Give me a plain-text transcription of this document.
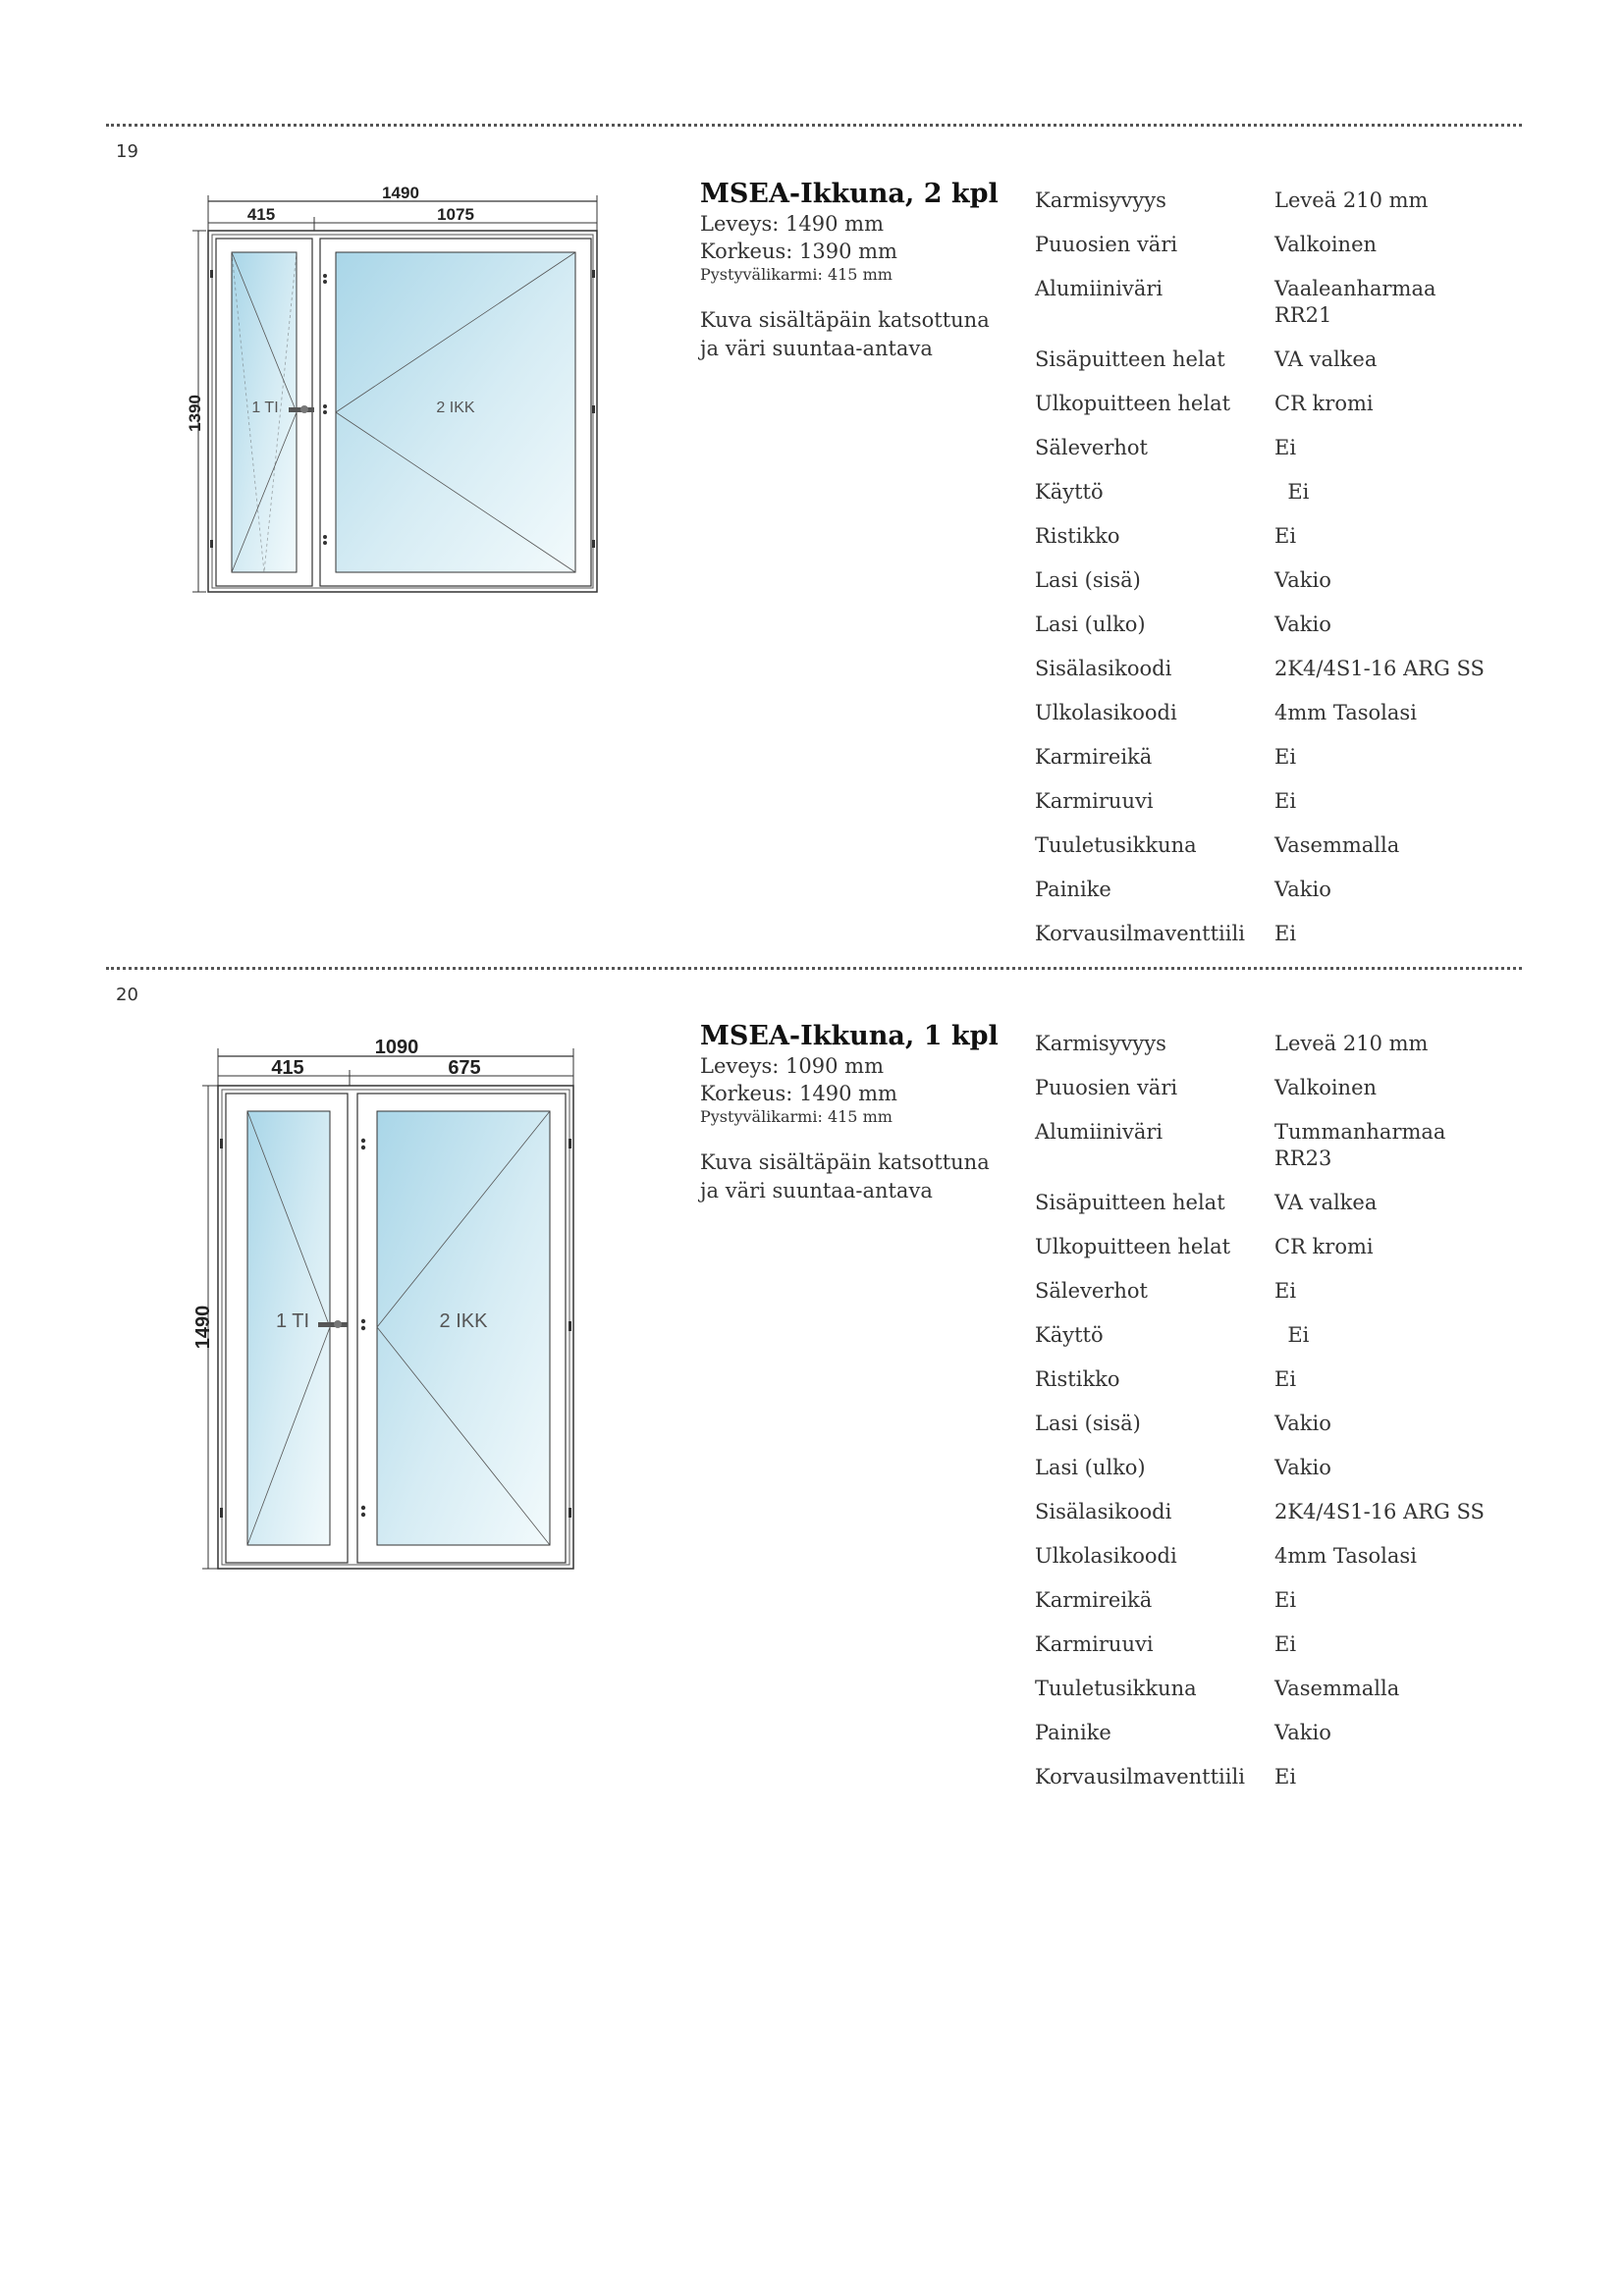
19
1490
415	1075
1390	1 TI	2 IKK
MSEA-Ikkuna, 2 kpl
Leveys: 1490 mm
Korkeus: 1390 mm
Pystyvälikarmi: 415 mm
Kuva sisältäpäin katsottuna
ja väri suuntaa-antava
Karmisyvyys	Leveä 210 mm
Puuosien väri	Valkoinen
Alumiiniväri	Vaaleanharmaa RR21
Sisäpuitteen helat	VA valkea
Ulkopuitteen helat	CR kromi
Säleverhot	Ei
Käyttö	Ei
Ristikko	Ei
Lasi (sisä)	Vakio
Lasi (ulko)	Vakio
Sisälasikoodi	2K4/4S1-16 ARG SS
Ulkolasikoodi	4mm Tasolasi
Karmireikä	Ei
Karmiruuvi	Ei
Tuuletusikkuna	Vasemmalla
Painike	Vakio
Korvausilmaventtiili	Ei
20
1090
415	675
1490	1 TI	2 IKK
MSEA-Ikkuna, 1 kpl
Leveys: 1090 mm
Korkeus: 1490 mm
Pystyvälikarmi: 415 mm
Kuva sisältäpäin katsottuna
ja väri suuntaa-antava
Karmisyvyys	Leveä 210 mm
Puuosien väri	Valkoinen
Alumiiniväri	Tummanharmaa RR23
Sisäpuitteen helat	VA valkea
Ulkopuitteen helat	CR kromi
Säleverhot	Ei
Käyttö	Ei
Ristikko	Ei
Lasi (sisä)	Vakio
Lasi (ulko)	Vakio
Sisälasikoodi	2K4/4S1-16 ARG SS
Ulkolasikoodi	4mm Tasolasi
Karmireikä	Ei
Karmiruuvi	Ei
Tuuletusikkuna	Vasemmalla
Painike	Vakio
Korvausilmaventtiili	Ei
